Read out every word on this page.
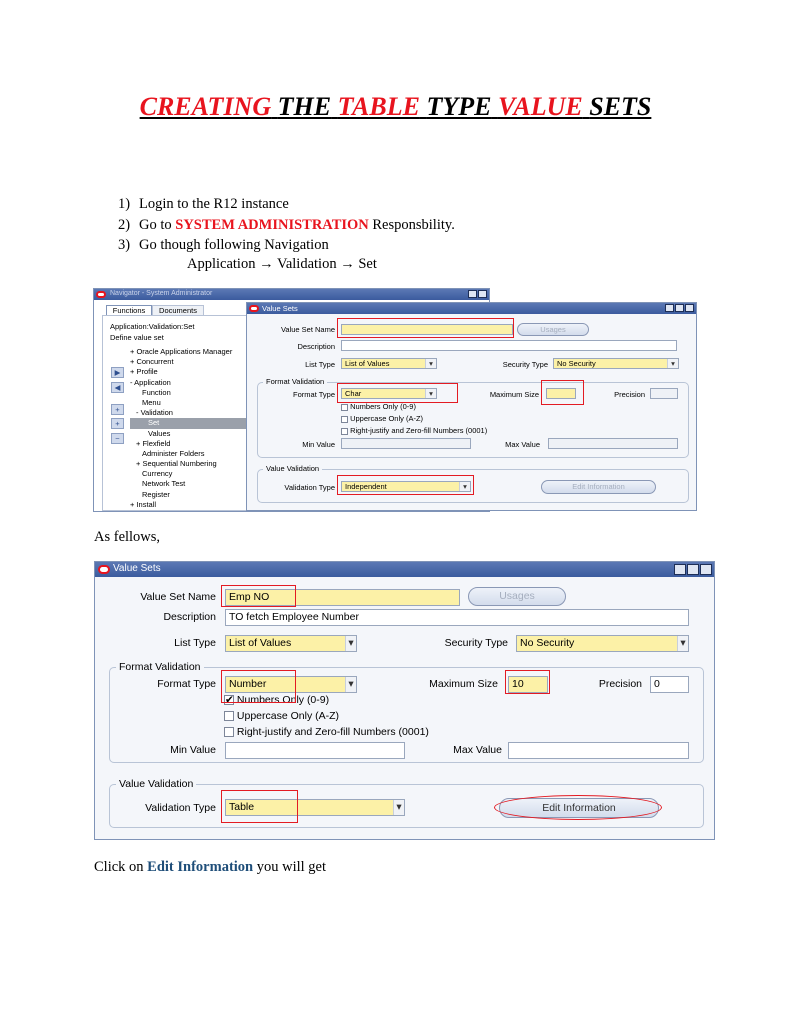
CREATING THE TABLE TYPE VALUE SETS
1) Login to the R12 instance
2) Go to SYSTEM ADMINISTRATION Responsbility.
3) Go though following Navigation
Application → Validation → Set
Navigator - System Administrator
Functions	Documents
Application:Validation:Set
Define value set
▶
◀
+
+
−
+ Oracle Applications Manager
+ Concurrent
+ Profile
- Application
Function
Menu
- Validation
Set
Values
+ Flexfield
Administer Folders
+ Sequential Numbering
Currency
Network Test
Register
+ Install
Value Sets
Value Set Name	Usages
Description
List Type	List of Values	▾	Security Type	No Security	▾
Format Validation
Format Type	Char	▾	Maximum Size	Precision
Numbers Only (0-9)
Uppercase Only (A-Z)
Right-justify and Zero-fill Numbers (0001)
Min Value	Max Value
Value Validation
Validation Type	Independent	▾	Edit Information
As fellows,
Value Sets
Value Set Name	Emp NO	Usages
Description	TO fetch Employee Number
List Type	List of Values	▾	Security Type	No Security	▾
Format Validation
Format Type	Number	▾	Maximum Size	10	Precision	0
✔ Numbers Only (0-9)
Uppercase Only (A-Z)
Right-justify and Zero-fill Numbers (0001)
Min Value	Max Value
Value Validation
Validation Type	Table	▾	Edit Information
Click on Edit Information you will get
